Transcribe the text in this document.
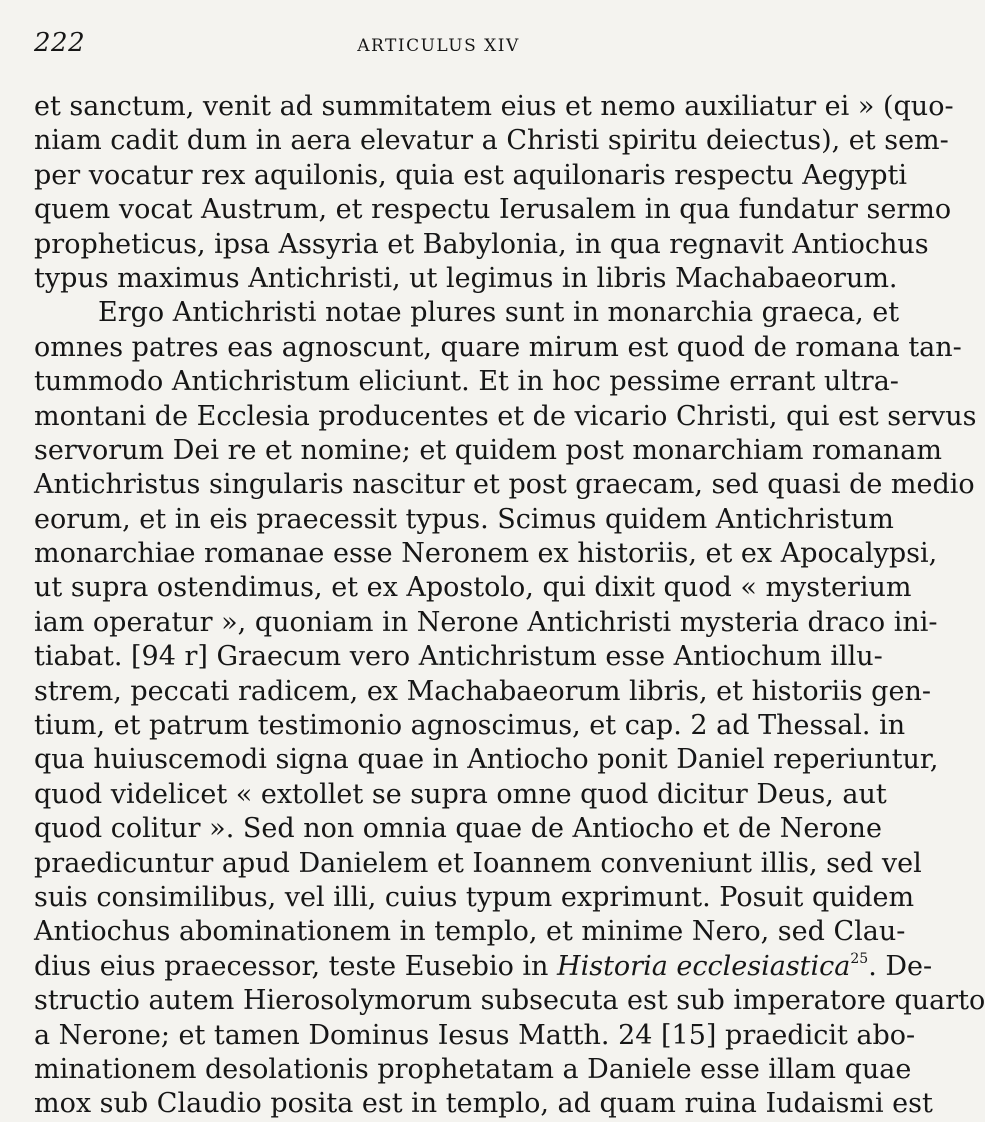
222	ARTICULUS XIV
et sanctum, venit ad summitatem eius et nemo auxiliatur ei » (quo-
niam cadit dum in aera elevatur a Christi spiritu deiectus), et sem-
per vocatur rex aquilonis, quia est aquilonaris respectu Aegypti
quem vocat Austrum, et respectu Ierusalem in qua fundatur sermo
propheticus, ipsa Assyria et Babylonia, in qua regnavit Antiochus
typus maximus Antichristi, ut legimus in libris Machabaeorum.
Ergo Antichristi notae plures sunt in monarchia graeca, et
omnes patres eas agnoscunt, quare mirum est quod de romana tan-
tummodo Antichristum eliciunt. Et in hoc pessime errant ultra-
montani de Ecclesia producentes et de vicario Christi, qui est servus
servorum Dei re et nomine; et quidem post monarchiam romanam
Antichristus singularis nascitur et post graecam, sed quasi de medio
eorum, et in eis praecessit typus. Scimus quidem Antichristum
monarchiae romanae esse Neronem ex historiis, et ex Apocalypsi,
ut supra ostendimus, et ex Apostolo, qui dixit quod « mysterium
iam operatur », quoniam in Nerone Antichristi mysteria draco ini-
tiabat. [94 r] Graecum vero Antichristum esse Antiochum illu-
strem, peccati radicem, ex Machabaeorum libris, et historiis gen-
tium, et patrum testimonio agnoscimus, et cap. 2 ad Thessal. in
qua huiuscemodi signa quae in Antiocho ponit Daniel reperiuntur,
quod videlicet « extollet se supra omne quod dicitur Deus, aut
quod colitur ». Sed non omnia quae de Antiocho et de Nerone
praedicuntur apud Danielem et Ioannem conveniunt illis, sed vel
suis consimilibus, vel illi, cuius typum exprimunt. Posuit quidem
Antiochus abominationem in templo, et minime Nero, sed Clau-
dius eius praecessor, teste Eusebio in Historia ecclesiastica$^{25}$. De-
structio autem Hierosolymorum subsecuta est sub imperatore quarto
a Nerone; et tamen Dominus Iesus Matth. 24 [15] praedicit abo-
minationem desolationis prophetatam a Daniele esse illam quae
mox sub Claudio posita est in templo, ad quam ruina Iudaismi est
